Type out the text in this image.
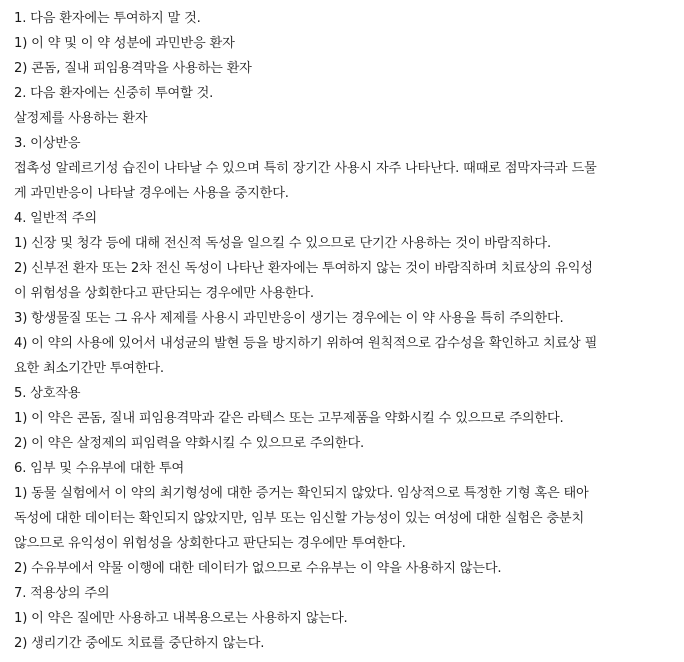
1. 다음 환자에는 투여하지 말 것.
1) 이 약 및 이 약 성분에 과민반응 환자
2) 콘돔, 질내 피임용격막을 사용하는 환자
2. 다음 환자에는 신중히 투여할 것.
살정제를 사용하는 환자
3. 이상반응
접촉성 알레르기성 습진이 나타날 수 있으며 특히 장기간 사용시 자주 나타난다. 때때로 점막자극과 드물
게 과민반응이 나타날 경우에는 사용을 중지한다.
4. 일반적 주의
1) 신장 및 청각 등에 대해 전신적 독성을 일으킬 수 있으므로 단기간 사용하는 것이 바람직하다.
2) 신부전 환자 또는 2차 전신 독성이 나타난 환자에는 투여하지 않는 것이 바람직하며 치료상의 유익성
이 위험성을 상회한다고 판단되는 경우에만 사용한다.
3) 항생물질 또는 그 유사 제제를 사용시 과민반응이 생기는 경우에는 이 약 사용을 특히 주의한다.
4) 이 약의 사용에 있어서 내성균의 발현 등을 방지하기 위하여 원칙적으로 감수성을 확인하고 치료상 필
요한 최소기간만 투여한다.
5. 상호작용
1) 이 약은 콘돔, 질내 피임용격막과 같은 라텍스 또는 고무제품을 약화시킬 수 있으므로 주의한다.
2) 이 약은 살정제의 피임력을 약화시킬 수 있으므로 주의한다.
6. 임부 및 수유부에 대한 투여
1) 동물 실험에서 이 약의 최기형성에 대한 증거는 확인되지 않았다. 임상적으로 특정한 기형 혹은 태아
독성에 대한 데이터는 확인되지 않았지만, 임부 또는 임신할 가능성이 있는 여성에 대한 실험은 충분치
않으므로 유익성이 위험성을 상회한다고 판단되는 경우에만 투여한다.
2) 수유부에서 약물 이행에 대한 데이터가 없으므로 수유부는 이 약을 사용하지 않는다.
7. 적용상의 주의
1) 이 약은 질에만 사용하고 내복용으로는 사용하지 않는다.
2) 생리기간 중에도 치료를 중단하지 않는다.
